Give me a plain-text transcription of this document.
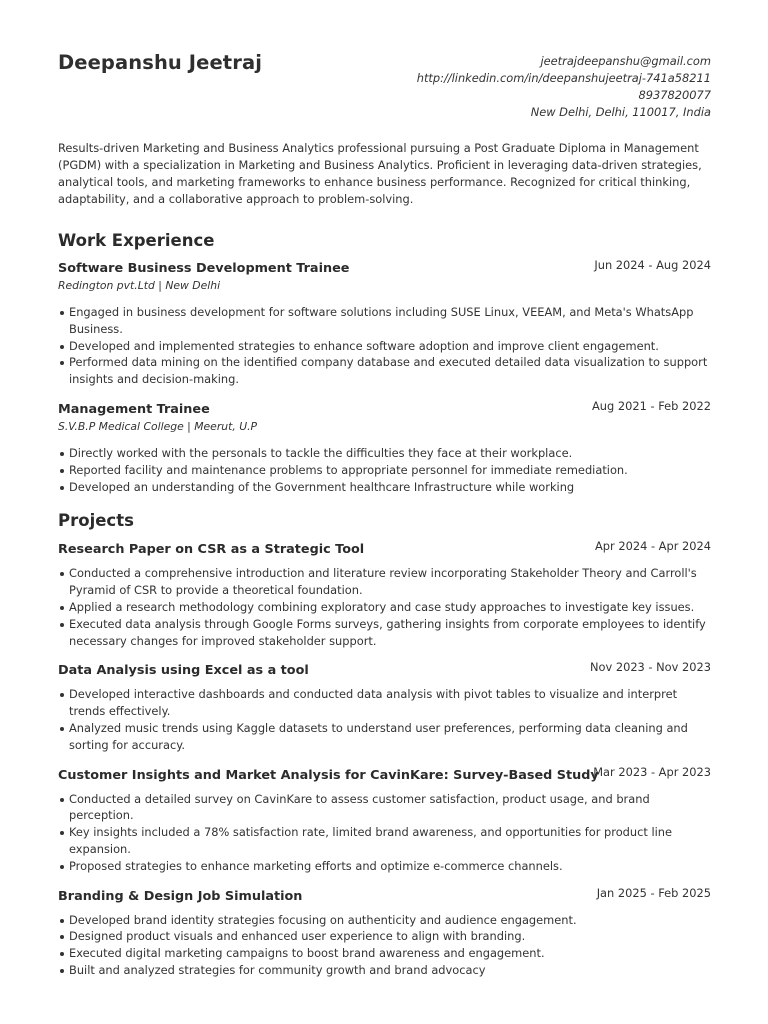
Deepanshu Jeetraj	jeetrajdeepanshu@gmail.com
http://linkedin.com/in/deepanshujeetraj-741a58211
8937820077
New Delhi, Delhi, 110017, India
Results-driven Marketing and Business Analytics professional pursuing a Post Graduate Diploma in Management (PGDM) with a specialization in Marketing and Business Analytics. Proficient in leveraging data-driven strategies, analytical tools, and marketing frameworks to enhance business performance. Recognized for critical thinking, adaptability, and a collaborative approach to problem-solving.
Work Experience
Software Business Development Trainee	Jun 2024 - Aug 2024
Redington pvt.Ltd | New Delhi
Engaged in business development for software solutions including SUSE Linux, VEEAM, and Meta's WhatsApp Business.
Developed and implemented strategies to enhance software adoption and improve client engagement.
Performed data mining on the identified company database and executed detailed data visualization to support insights and decision-making.
Management Trainee	Aug 2021 - Feb 2022
S.V.B.P Medical College | Meerut, U.P
Directly worked with the personals to tackle the difficulties they face at their workplace.
Reported facility and maintenance problems to appropriate personnel for immediate remediation.
Developed an understanding of the Government healthcare Infrastructure while working
Projects
Research Paper on CSR as a Strategic Tool	Apr 2024 - Apr 2024
Conducted a comprehensive introduction and literature review incorporating Stakeholder Theory and Carroll's Pyramid of CSR to provide a theoretical foundation.
Applied a research methodology combining exploratory and case study approaches to investigate key issues.
Executed data analysis through Google Forms surveys, gathering insights from corporate employees to identify necessary changes for improved stakeholder support.
Data Analysis using Excel as a tool	Nov 2023 - Nov 2023
Developed interactive dashboards and conducted data analysis with pivot tables to visualize and interpret trends effectively.
Analyzed music trends using Kaggle datasets to understand user preferences, performing data cleaning and sorting for accuracy.
Customer Insights and Market Analysis for CavinKare: Survey-Based Study
Mar 2023 - Apr 2023
Conducted a detailed survey on CavinKare to assess customer satisfaction, product usage, and brand perception.
Key insights included a 78% satisfaction rate, limited brand awareness, and opportunities for product line expansion.
Proposed strategies to enhance marketing efforts and optimize e-commerce channels.
Branding & Design Job Simulation	Jan 2025 - Feb 2025
Developed brand identity strategies focusing on authenticity and audience engagement.
Designed product visuals and enhanced user experience to align with branding.
Executed digital marketing campaigns to boost brand awareness and engagement.
Built and analyzed strategies for community growth and brand advocacy
